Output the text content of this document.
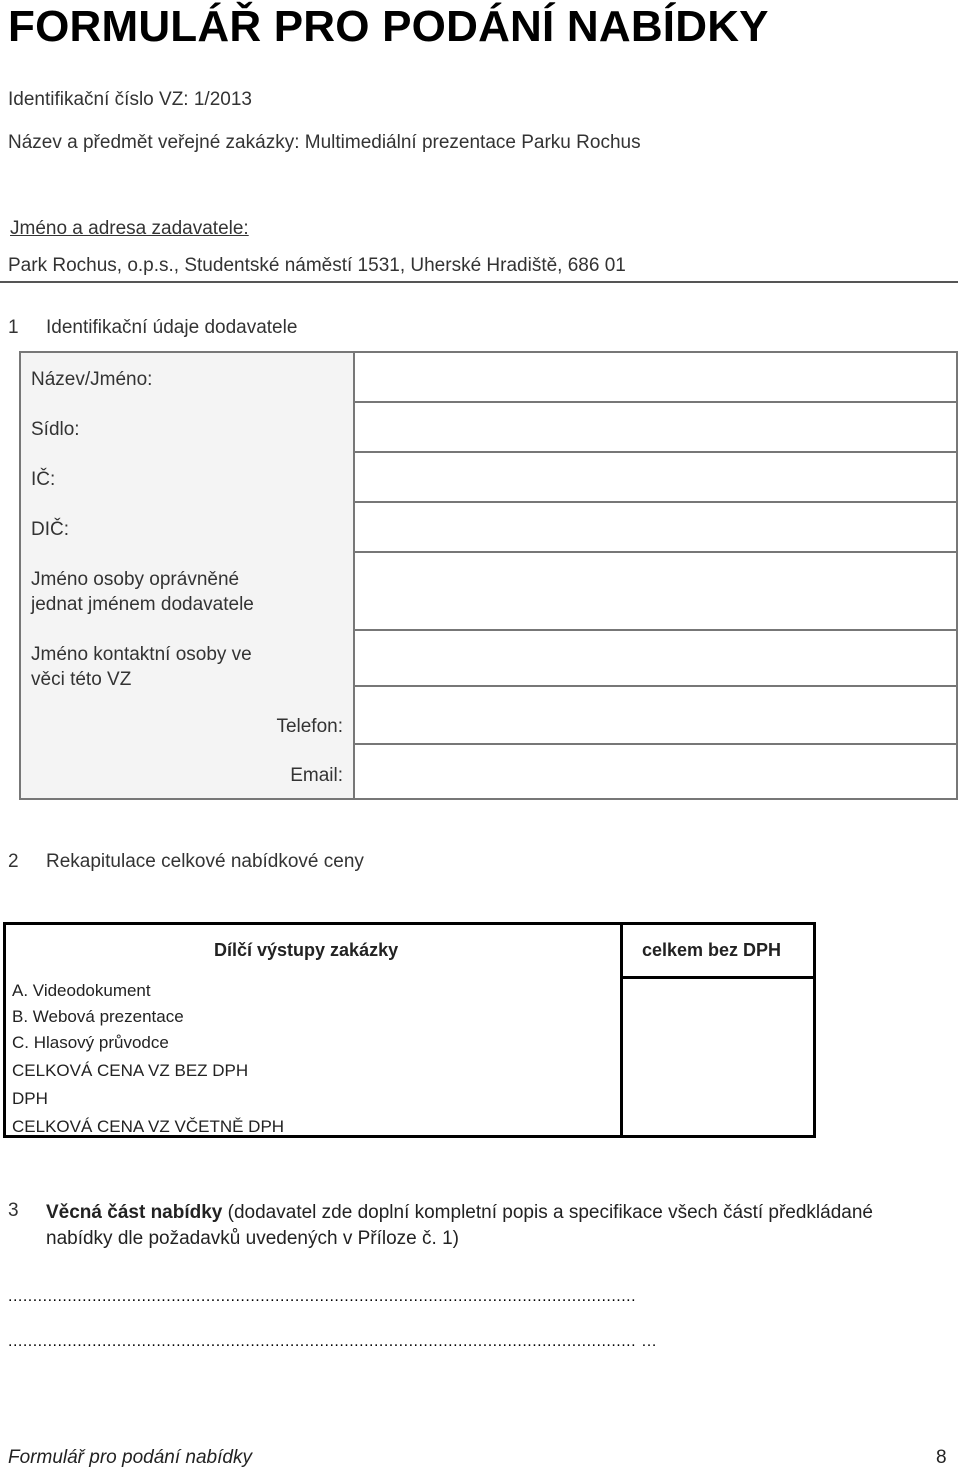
FORMULÁŘ PRO PODÁNÍ NABÍDKY
Identifikační číslo VZ: 1/2013
Název a předmět veřejné zakázky: Multimediální prezentace Parku Rochus
Jméno a adresa zadavatele:
Park Rochus, o.p.s., Studentské náměstí 1531, Uherské Hradiště, 686 01
1 Identifikační údaje dodavatele
Název/Jméno:
Sídlo:
IČ:
DIČ:
Jméno osoby oprávněné
jednat jménem dodavatele
Jméno kontaktní osoby ve
věci této VZ
Telefon:
Email:
2 Rekapitulace celkové nabídkové ceny
Dílčí výstupy zakázky	celkem bez DPH
A. Videodokument
B. Webová prezentace
C. Hlasový průvodce
CELKOVÁ CENA VZ BEZ DPH
DPH
CELKOVÁ CENA VZ VČETNĚ DPH
3 Věcná část nabídky (dodavatel zde doplní kompletní popis a specifikace všech částí předkládané nabídky dle požadavků uvedených v Příloze č. 1)
...............................................................................................................................
............................................................................................................................... …
Formulář pro podání nabídky	8
